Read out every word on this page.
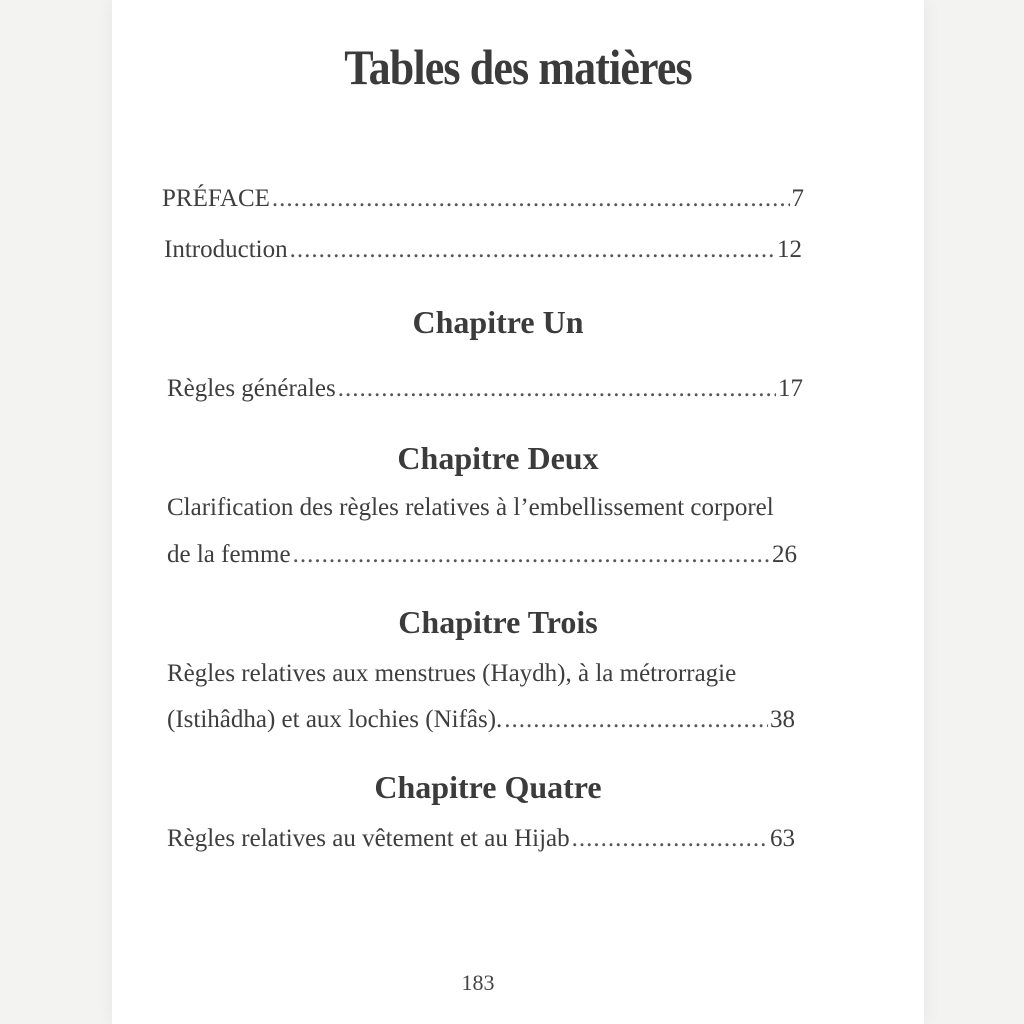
Tables des matières
PRÉFACE .....	7
Introduction .....	12
Chapitre Un
Règles générales .....	17
Chapitre Deux
Clarification des règles relatives à l’embellissement corporel
de la femme .....	26
Chapitre Trois
Règles relatives aux menstrues (Haydh), à la métrorragie
(Istihâdha) et aux lochies (Nifâs). .....	38
Chapitre Quatre
Règles relatives au vêtement et au Hijab .....	63
183
